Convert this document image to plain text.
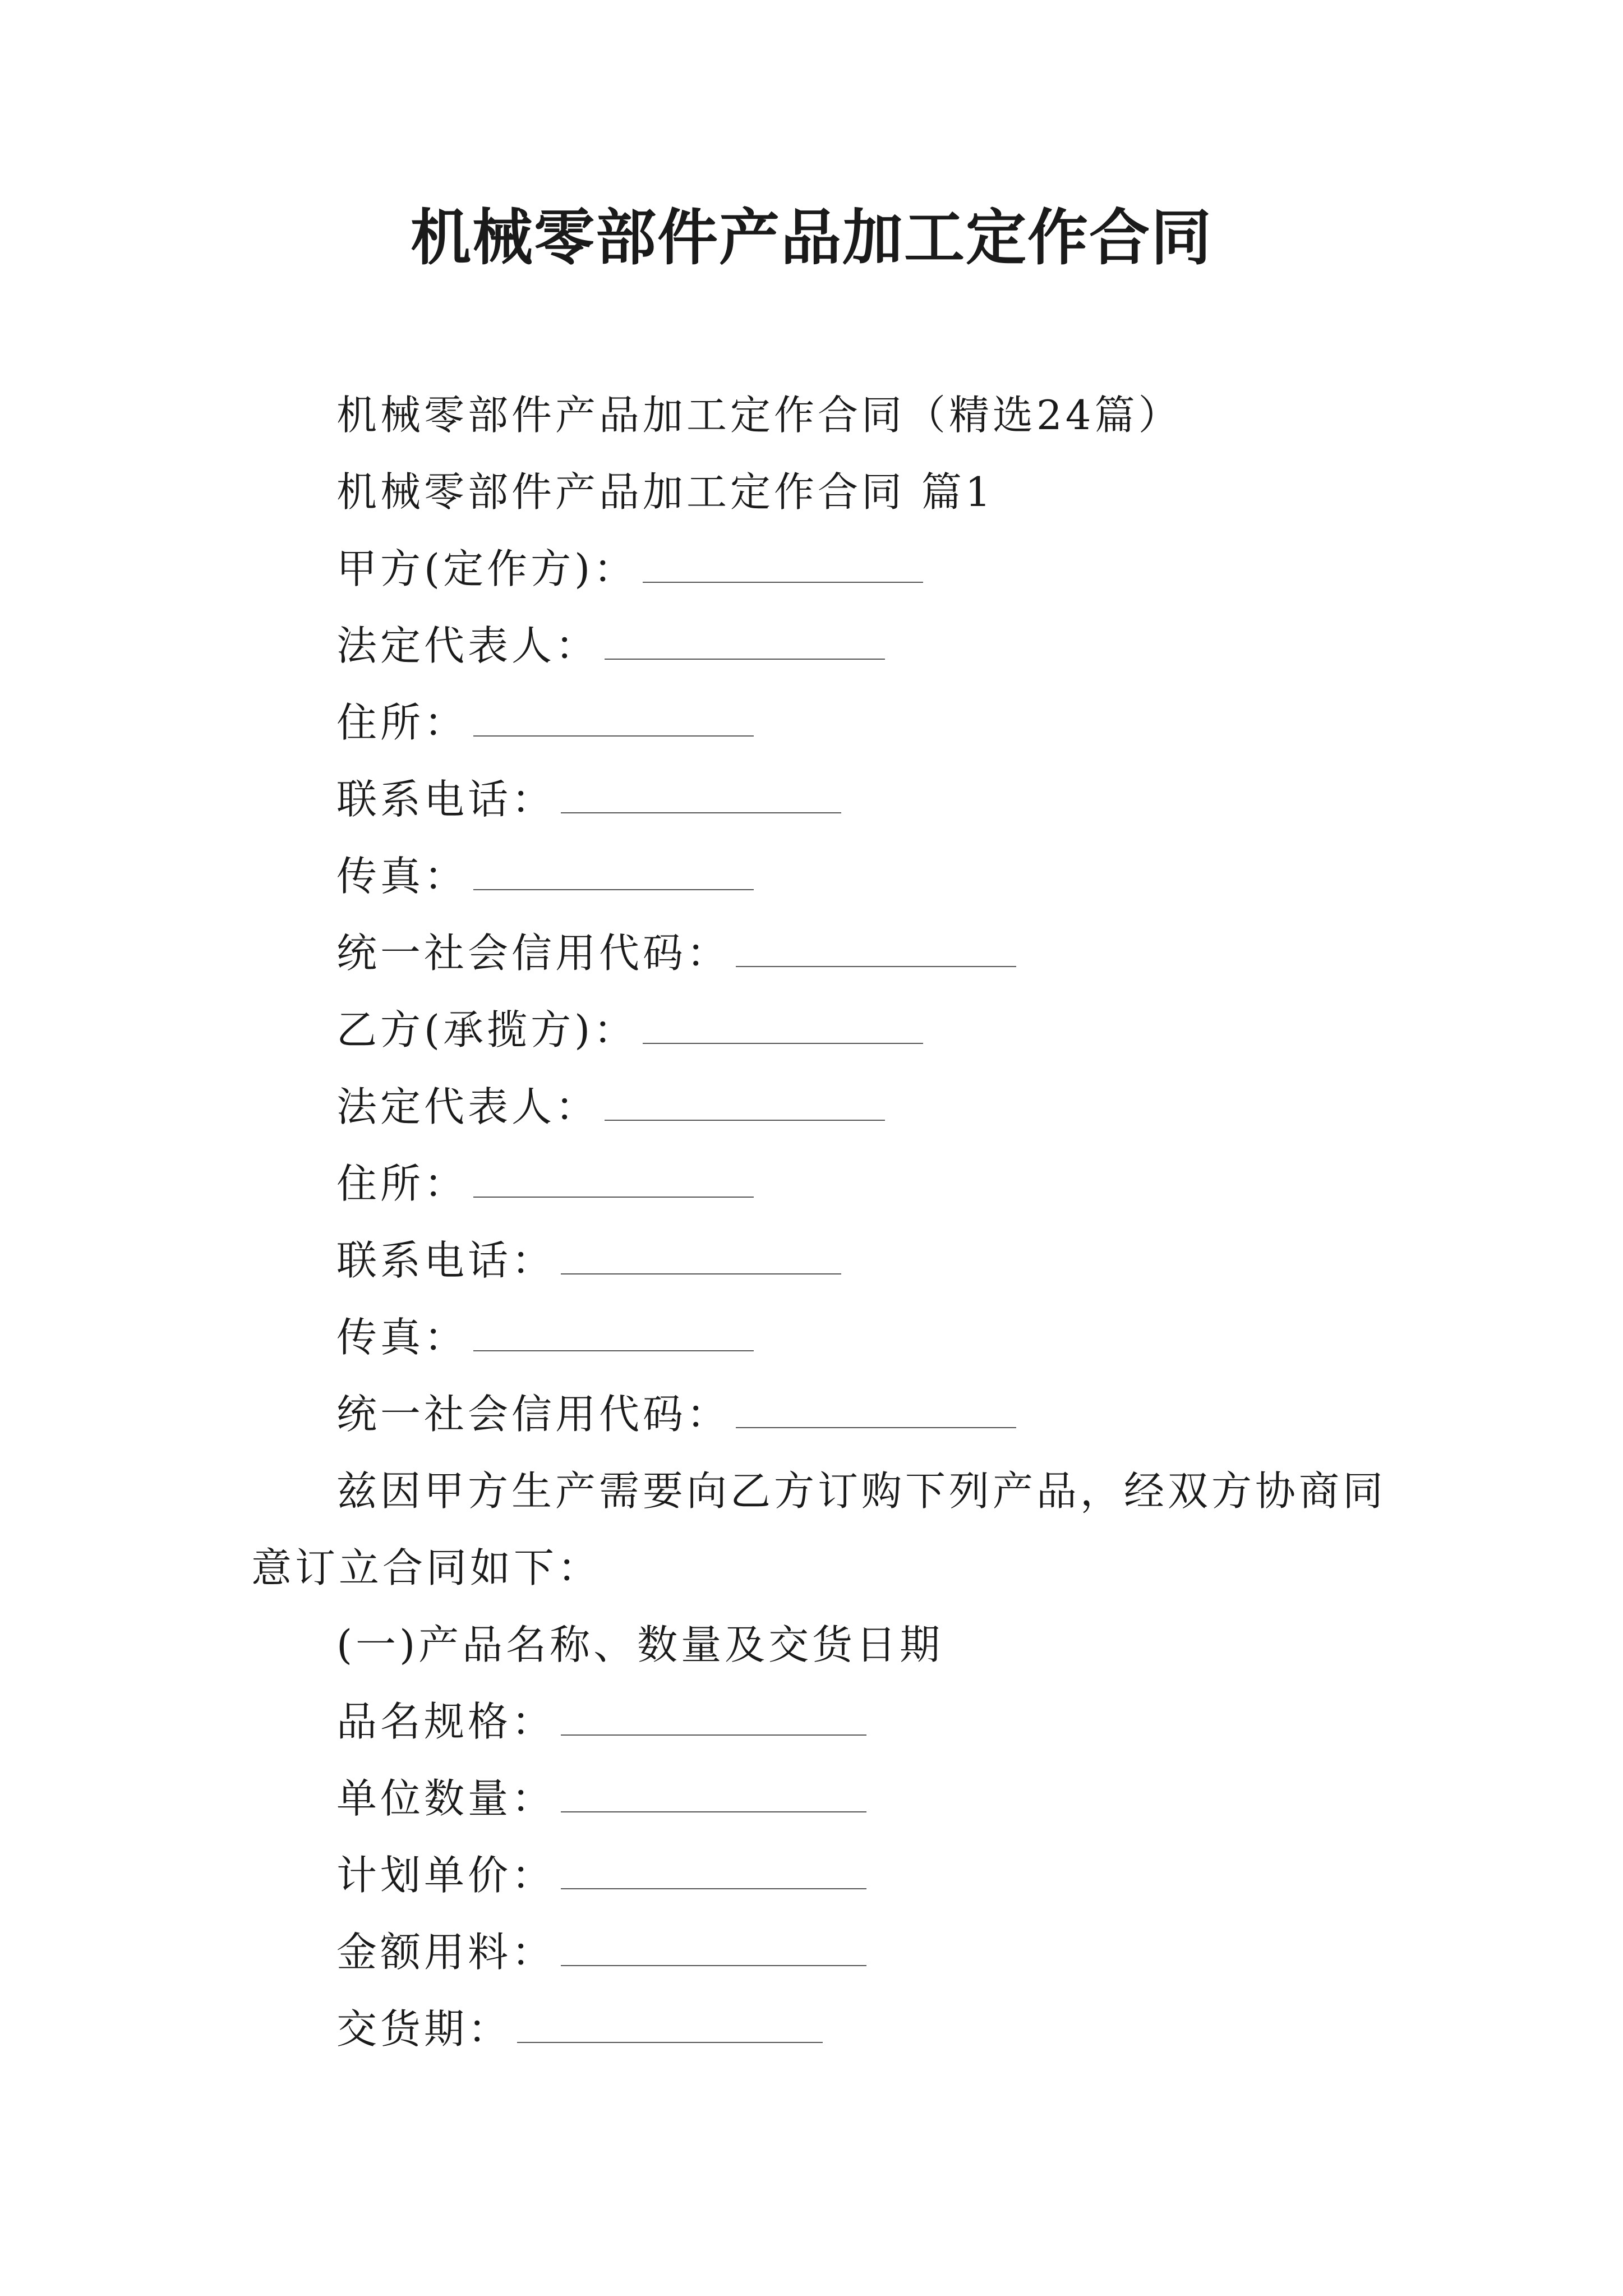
机械零部件产品加工定作合同
机械零部件产品加工定作合同（精选24篇）
机械零部件产品加工定作合同 篇1
甲方(定作方)：
法定代表人：
住所：
联系电话：
传真：
统一社会信用代码：
乙方(承揽方)：
法定代表人：
住所：
联系电话：
传真：
统一社会信用代码：
兹因甲方生产需要向乙方订购下列产品，经双方协商同
意订立合同如下：
(一)产品名称、数量及交货日期
品名规格：
单位数量：
计划单价：
金额用料：
交货期：
